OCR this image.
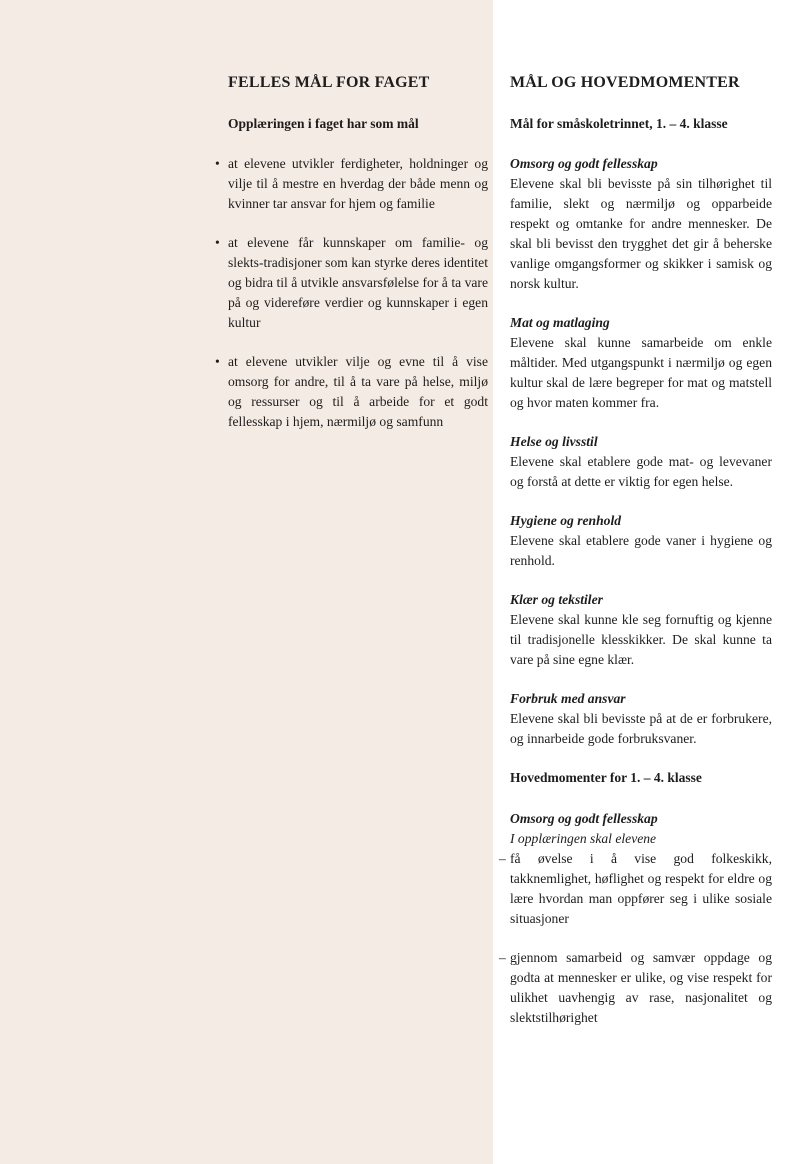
FELLES MÅL FOR FAGET
Opplæringen i faget har som mål
• at elevene utvikler ferdigheter, holdninger og vilje til å mestre en hverdag der både menn og kvinner tar ansvar for hjem og familie
• at elevene får kunnskaper om familie- og slekts-tradisjoner som kan styrke deres identitet og bidra til å utvikle ansvarsfølelse for å ta vare på og videreføre verdier og kunnskaper i egen kultur
• at elevene utvikler vilje og evne til å vise omsorg for andre, til å ta vare på helse, miljø og ressurser og til å arbeide for et godt fellesskap i hjem, nærmiljø og samfunn
MÅL OG HOVEDMOMENTER
Mål for småskoletrinnet, 1. – 4. klasse

Omsorg og godt fellesskap

Elevene skal bli bevisste på sin tilhørighet til familie, slekt og nærmiljø og opparbeide respekt og omtanke for andre mennesker. De skal bli bevisst den trygghet det gir å beherske vanlige omgangsformer og skikker i samisk og norsk kultur.

Mat og matlaging

Elevene skal kunne samarbeide om enkle måltider. Med utgangspunkt i nærmiljø og egen kultur skal de lære begreper for mat og matstell og hvor maten kommer fra.

Helse og livsstil

Elevene skal etablere gode mat- og levevaner og forstå at dette er viktig for egen helse.

Hygiene og renhold

Elevene skal etablere gode vaner i hygiene og renhold.

Klær og tekstiler

Elevene skal kunne kle seg fornuftig og kjenne til tradisjonelle klesskikker. De skal kunne ta vare på sine egne klær.

Forbruk med ansvar

Elevene skal bli bevisste på at de er forbrukere, og innarbeide gode forbruksvaner.

Hovedmomenter for 1. – 4. klasse

Omsorg og godt fellesskap

I opplæringen skal elevene

– få øvelse i å vise god folkeskikk, takknemlighet, høflighet og respekt for eldre og lære hvordan man oppfører seg i ulike sosiale situasjoner
– gjennom samarbeid og samvær oppdage og godta at mennesker er ulike, og vise respekt for ulikhet uavhengig av rase, nasjonalitet og slektstilhørighet
